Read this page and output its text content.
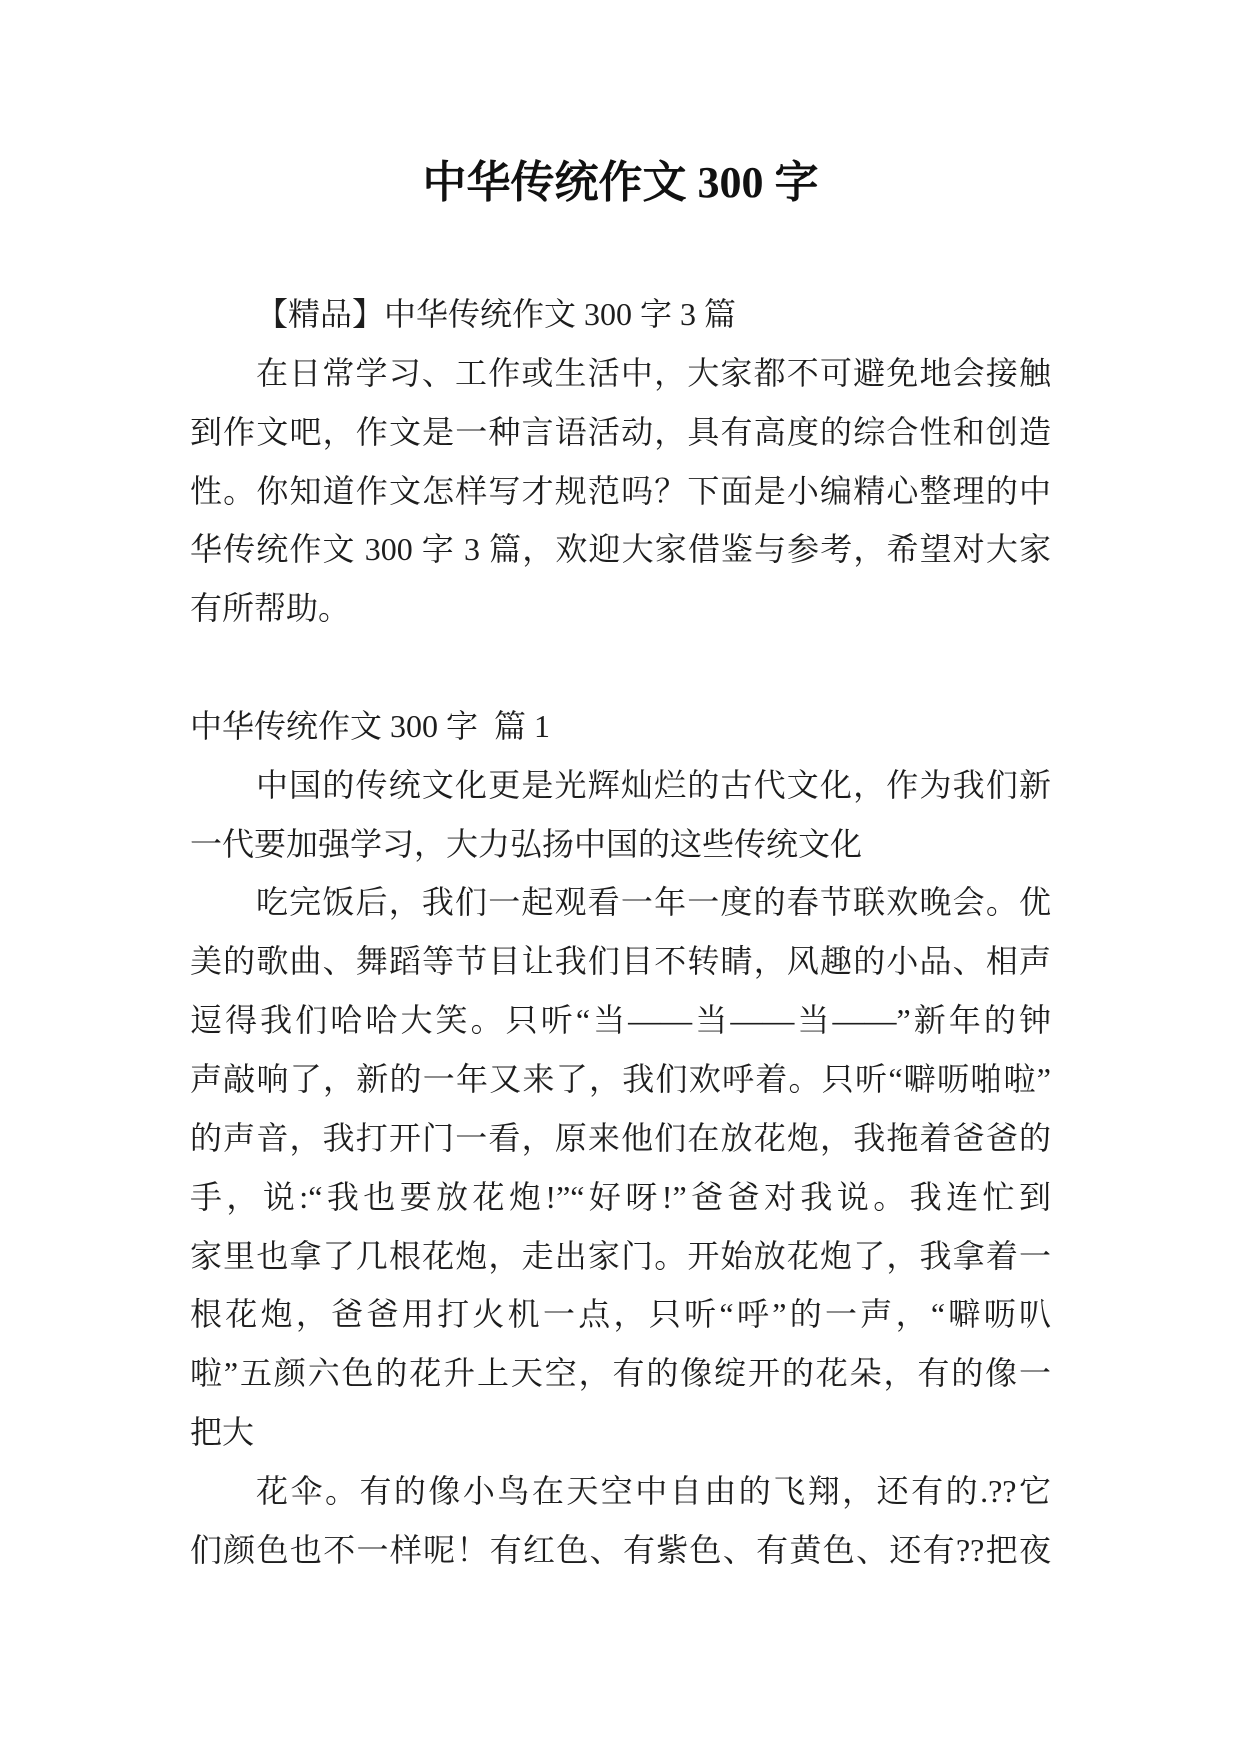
中华传统作文 300 字
【精品】中华传统作文 300 字 3 篇
在日常学习、工作或生活中，大家都不可避免地会接触
到作文吧，作文是一种言语活动，具有高度的综合性和创造
性。你知道作文怎样写才规范吗？下面是小编精心整理的中
华传统作文 300 字 3 篇，欢迎大家借鉴与参考，希望对大家
有所帮助。
中华传统作文 300 字  篇 1
中国的传统文化更是光辉灿烂的古代文化，作为我们新
一代要加强学习，大力弘扬中国的这些传统文化
吃完饭后，我们一起观看一年一度的春节联欢晚会。优
美的歌曲、舞蹈等节目让我们目不转睛，风趣的小品、相声
逗得我们哈哈大笑。只听“当——当——当——”新年的钟
声敲响了，新的一年又来了，我们欢呼着。只听“噼呖啪啦”
的声音，我打开门一看，原来他们在放花炮，我拖着爸爸的
手，说:“我也要放花炮!”“好呀!”爸爸对我说。我连忙到
家里也拿了几根花炮，走出家门。开始放花炮了，我拿着一
根花炮，爸爸用打火机一点，只听“呼”的一声，“噼呖叭
啦”五颜六色的花升上天空，有的像绽开的花朵，有的像一
把大
花伞。有的像小鸟在天空中自由的飞翔，还有的.??它
们颜色也不一样呢！有红色、有紫色、有黄色、还有??把夜
